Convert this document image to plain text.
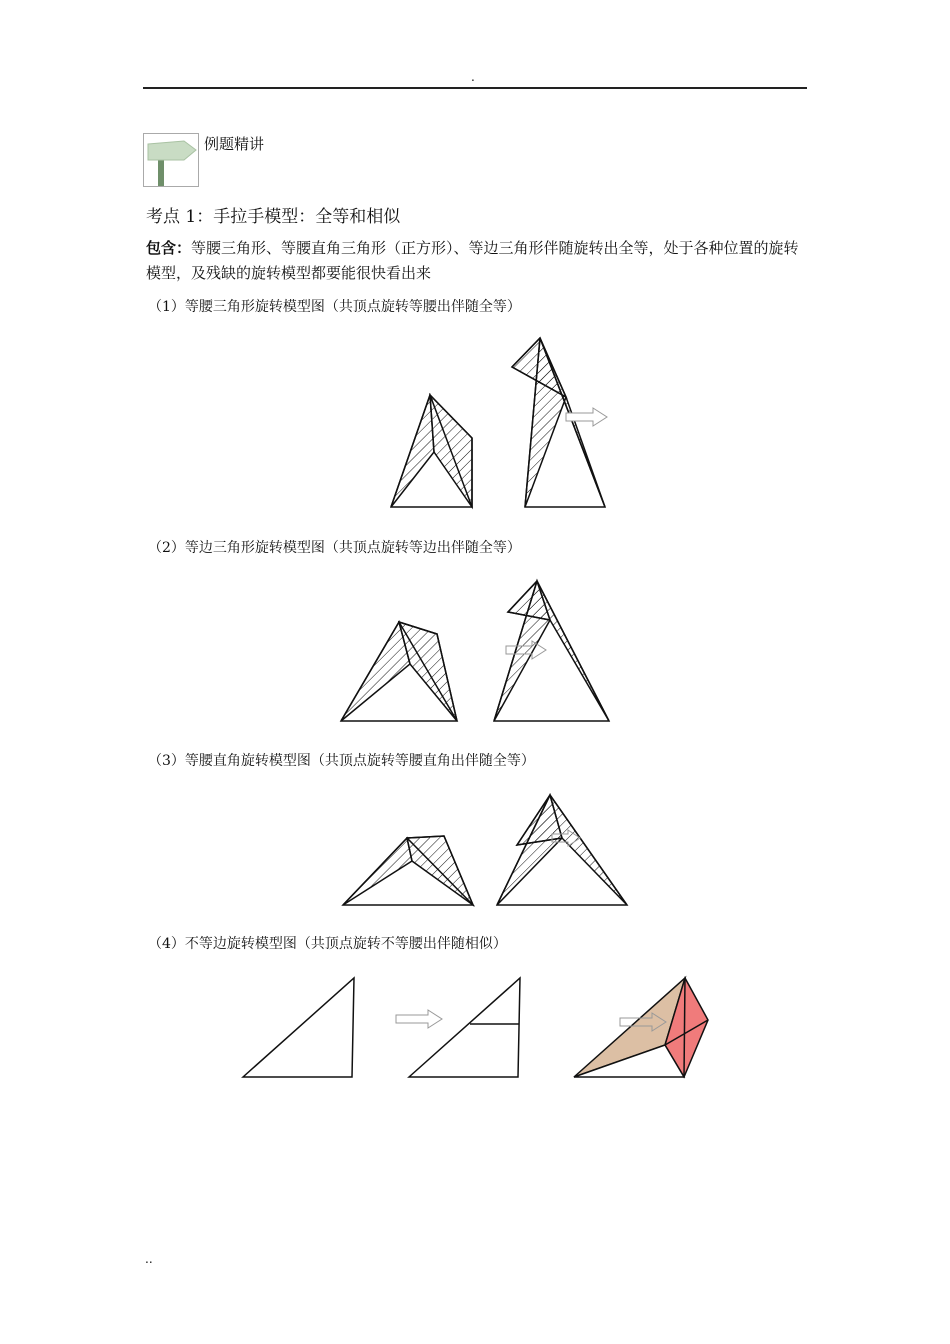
.
例题精讲
考点 1：手拉手模型：全等和相似
包含：等腰三角形、等腰直角三角形（正方形）、等边三角形伴随旋转出全等，处于各种位置的旋转模型，及残缺的旋转模型都要能很快看出来
（1）等腰三角形旋转模型图（共顶点旋转等腰出伴随全等）
（2）等边三角形旋转模型图（共顶点旋转等边出伴随全等）
（3）等腰直角旋转模型图（共顶点旋转等腰直角出伴随全等）
（4）不等边旋转模型图（共顶点旋转不等腰出伴随相似）
..
